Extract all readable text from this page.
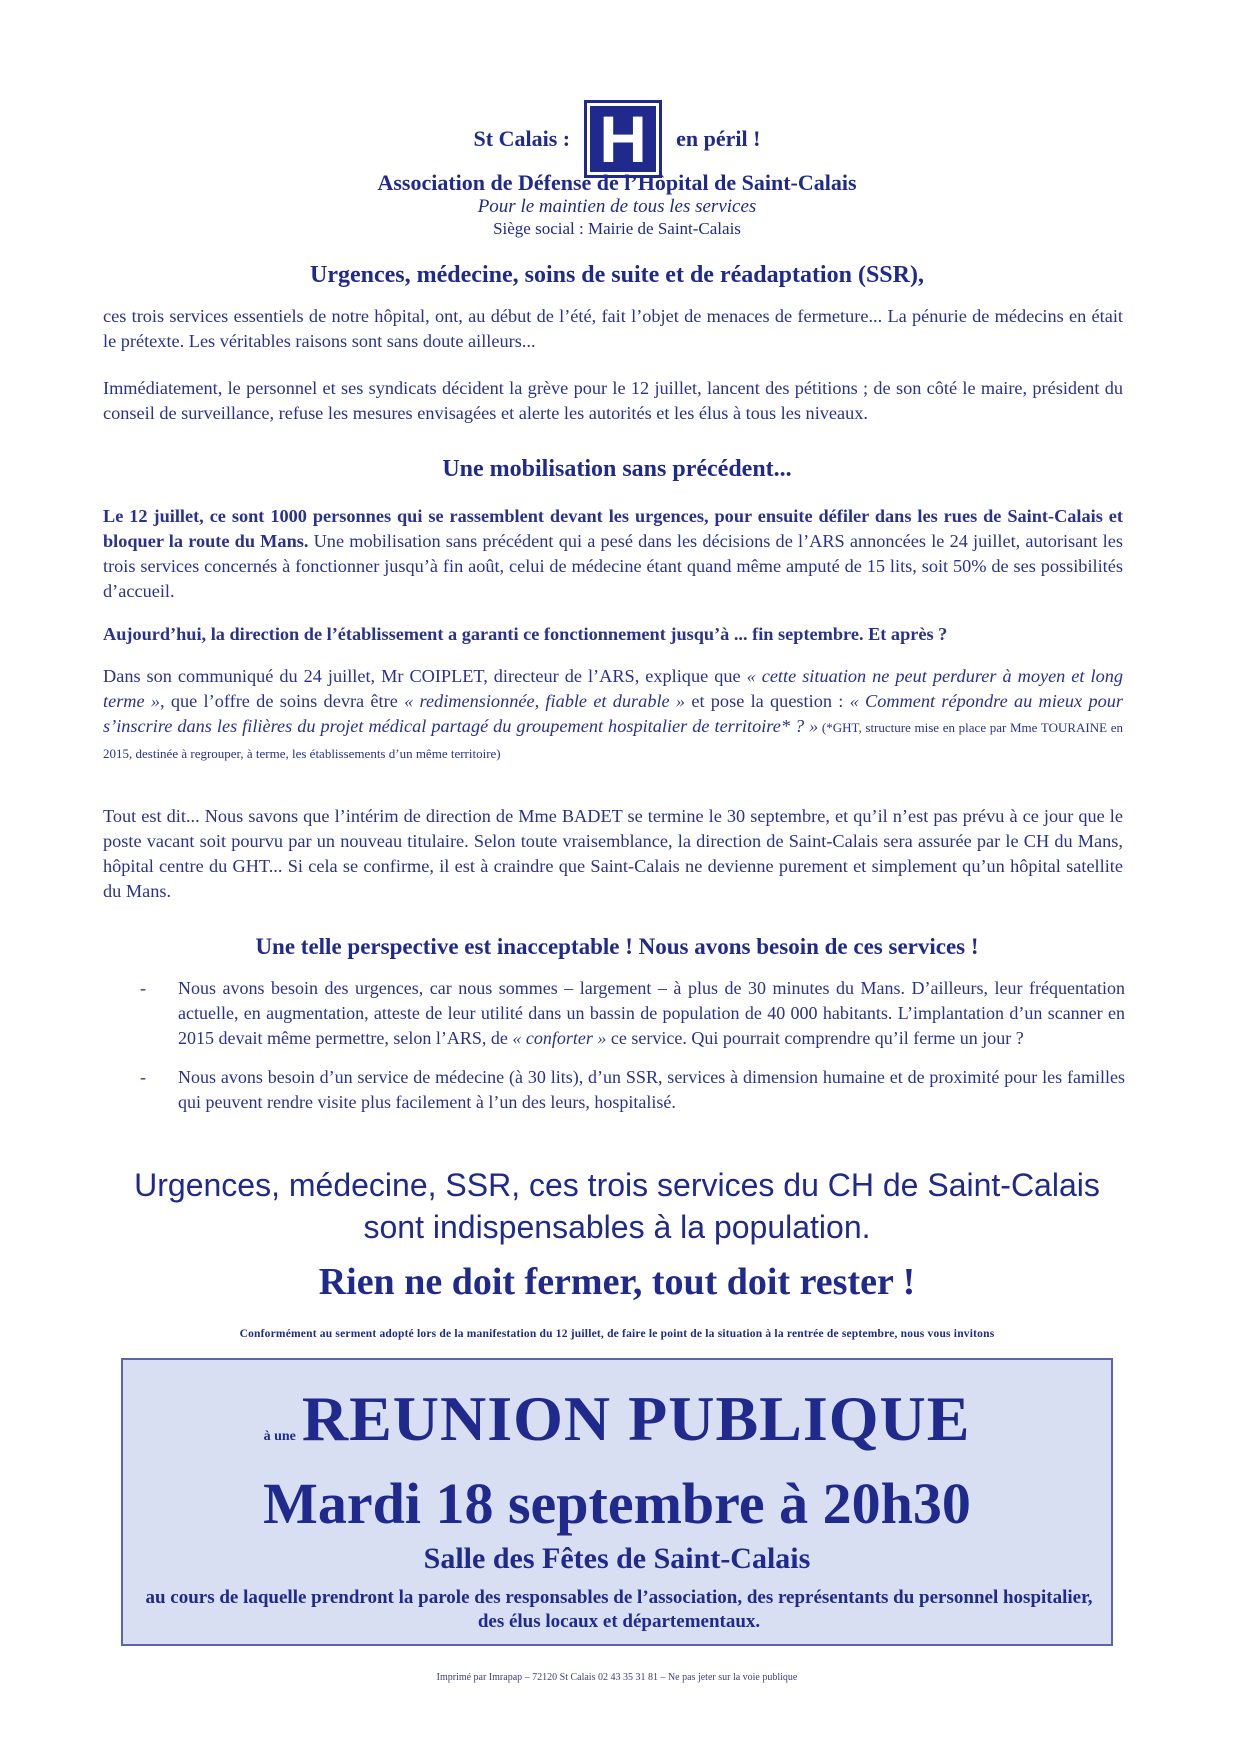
St Calais : H	en péril !
Association de Défense de l’Hôpital de Saint-Calais
Pour le maintien de tous les services
Siège social : Mairie de Saint-Calais
Urgences, médecine, soins de suite et de réadaptation (SSR),
ces trois services essentiels de notre hôpital, ont, au début de l’été, fait l’objet de menaces de fermeture... La pénurie de médecins en était le prétexte. Les véritables raisons sont sans doute ailleurs...
Immédiatement, le personnel et ses syndicats décident la grève pour le 12 juillet, lancent des pétitions ; de son côté le maire, président du conseil de surveillance, refuse les mesures envisagées et alerte les autorités et les élus à tous les niveaux.
Une mobilisation sans précédent...
Le 12 juillet, ce sont 1000 personnes qui se rassemblent devant les urgences, pour ensuite défiler dans les rues de Saint-Calais et bloquer la route du Mans. Une mobilisation sans précédent qui a pesé dans les décisions de l’ARS annoncées le 24 juillet, autorisant les trois services concernés à fonctionner jusqu’à fin août, celui de médecine étant quand même amputé de 15 lits, soit 50% de ses possibilités d’accueil.
Aujourd’hui, la direction de l’établissement a garanti ce fonctionnement jusqu’à ... fin septembre. Et après ?
Dans son communiqué du 24 juillet, Mr COIPLET, directeur de l’ARS, explique que « cette situation ne peut perdurer à moyen et long terme », que l’offre de soins devra être « redimensionnée, fiable et durable » et pose la question : « Comment répondre au mieux pour s’inscrire dans les filières du projet médical partagé du groupement hospitalier de territoire* ? » (*GHT, structure mise en place par Mme TOURAINE en 2015, destinée à regrouper, à terme, les établissements d’un même territoire)
Tout est dit... Nous savons que l’intérim de direction de Mme BADET se termine le 30 septembre, et qu’il n’est pas prévu à ce jour que le poste vacant soit pourvu par un nouveau titulaire. Selon toute vraisemblance, la direction de Saint-Calais sera assurée par le CH du Mans, hôpital centre du GHT... Si cela se confirme, il est à craindre que Saint-Calais ne devienne purement et simplement qu’un hôpital satellite du Mans.
Une telle perspective est inacceptable ! Nous avons besoin de ces services !
- Nous avons besoin des urgences, car nous sommes – largement – à plus de 30 minutes du Mans. D’ailleurs, leur fréquentation actuelle, en augmentation, atteste de leur utilité dans un bassin de population de 40 000 habitants. L’implantation d’un scanner en 2015 devait même permettre, selon l’ARS, de « conforter » ce service. Qui pourrait comprendre qu’il ferme un jour ?
- Nous avons besoin d’un service de médecine (à 30 lits), d’un SSR, services à dimension humaine et de proximité pour les familles qui peuvent rendre visite plus facilement à l’un des leurs, hospitalisé.
Urgences, médecine, SSR, ces trois services du CH de Saint-Calais
sont indispensables à la population.
Rien ne doit fermer, tout doit rester !
Conformément au serment adopté lors de la manifestation du 12 juillet, de faire le point de la situation à la rentrée de septembre, nous vous invitons
à uneREUNION PUBLIQUE
Mardi 18 septembre à 20h30
Salle des Fêtes de Saint-Calais
au cours de laquelle prendront la parole des responsables de l’association, des représentants du personnel hospitalier, des élus locaux et départementaux.
Imprimé par Imrapap – 72120 St Calais 02 43 35 31 81 – Ne pas jeter sur la voie publique
